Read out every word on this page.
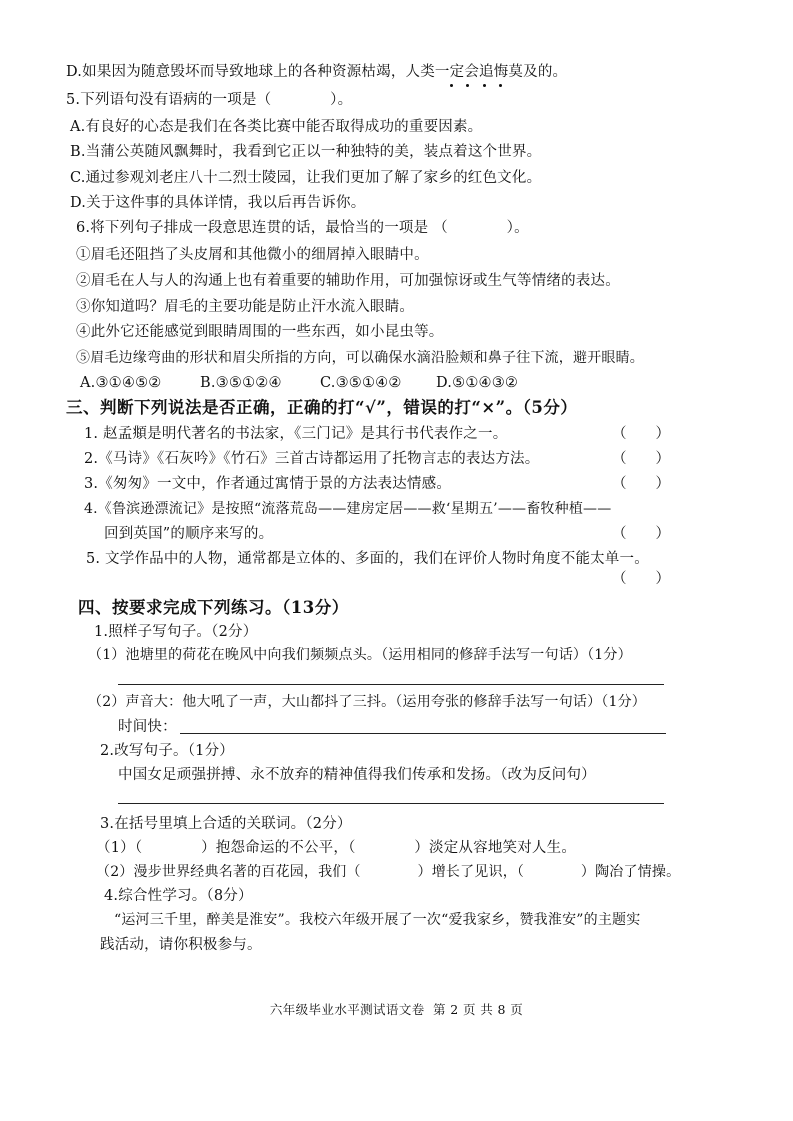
D.如果因为随意毁坏而导致地球上的各种资源枯竭，人类一定会追悔莫及的。
5.下列语句没有语病的一项是（　　　　）。
A.有良好的心态是我们在各类比赛中能否取得成功的重要因素。
B.当蒲公英随风飘舞时，我看到它正以一种独特的美，装点着这个世界。
C.通过参观刘老庄八十二烈士陵园，让我们更加了解了家乡的红色文化。
D.关于这件事的具体详情，我以后再告诉你。
6.将下列句子排成一段意思连贯的话，最恰当的一项是 （　　　　）。
①眉毛还阻挡了头皮屑和其他微小的细屑掉入眼睛中。
②眉毛在人与人的沟通上也有着重要的辅助作用，可加强惊讶或生气等情绪的表达。
③你知道吗？眉毛的主要功能是防止汗水流入眼睛。
④此外它还能感觉到眼睛周围的一些东西，如小昆虫等。
⑤眉毛边缘弯曲的形状和眉尖所指的方向，可以确保水滴沿脸颊和鼻子往下流，避开眼睛。
A.③①④⑤②	B.③⑤①②④	C.③⑤①④② D.⑤①④③②
三、判断下列说法是否正确，正确的打“√”，错误的打“×”。（5分）
1. 赵孟頫是明代著名的书法家，《三门记》是其行书代表作之一。	（　　）
2.《马诗》《石灰吟》《竹石》三首古诗都运用了托物言志的表达方法。	（　　）
3.《匆匆》一文中，作者通过寓情于景的方法表达情感。	（　　）
4.《鲁滨逊漂流记》是按照“流落荒岛——建房定居——救‘星期五’——畜牧种植——
回到英国”的顺序来写的。	（　　）
5. 文学作品中的人物，通常都是立体的、多面的，我们在评价人物时角度不能太单一。
（　　）
四、按要求完成下列练习。（13分）
1.照样子写句子。（2分）
（1）池塘里的荷花在晚风中向我们频频点头。（运用相同的修辞手法写一句话）（1分）
（2）声音大：他大吼了一声，大山都抖了三抖。（运用夸张的修辞手法写一句话）（1分）
时间快：
2.改写句子。（1分）
中国女足顽强拼搏、永不放弃的精神值得我们传承和发扬。（改为反问句）
3.在括号里填上合适的关联词。（2分）
（1）（　　　　）抱怨命运的不公平，（　　　　）淡定从容地笑对人生。
（2）漫步世界经典名著的百花园，我们（　　　　）增长了见识，（　　　　）陶冶了情操。
4.综合性学习。（8分）
“运河三千里，醉美是淮安”。我校六年级开展了一次“爱我家乡，赞我淮安”的主题实
践活动，请你积极参与。
六年级毕业水平测试语文卷 第 2 页 共 8 页
